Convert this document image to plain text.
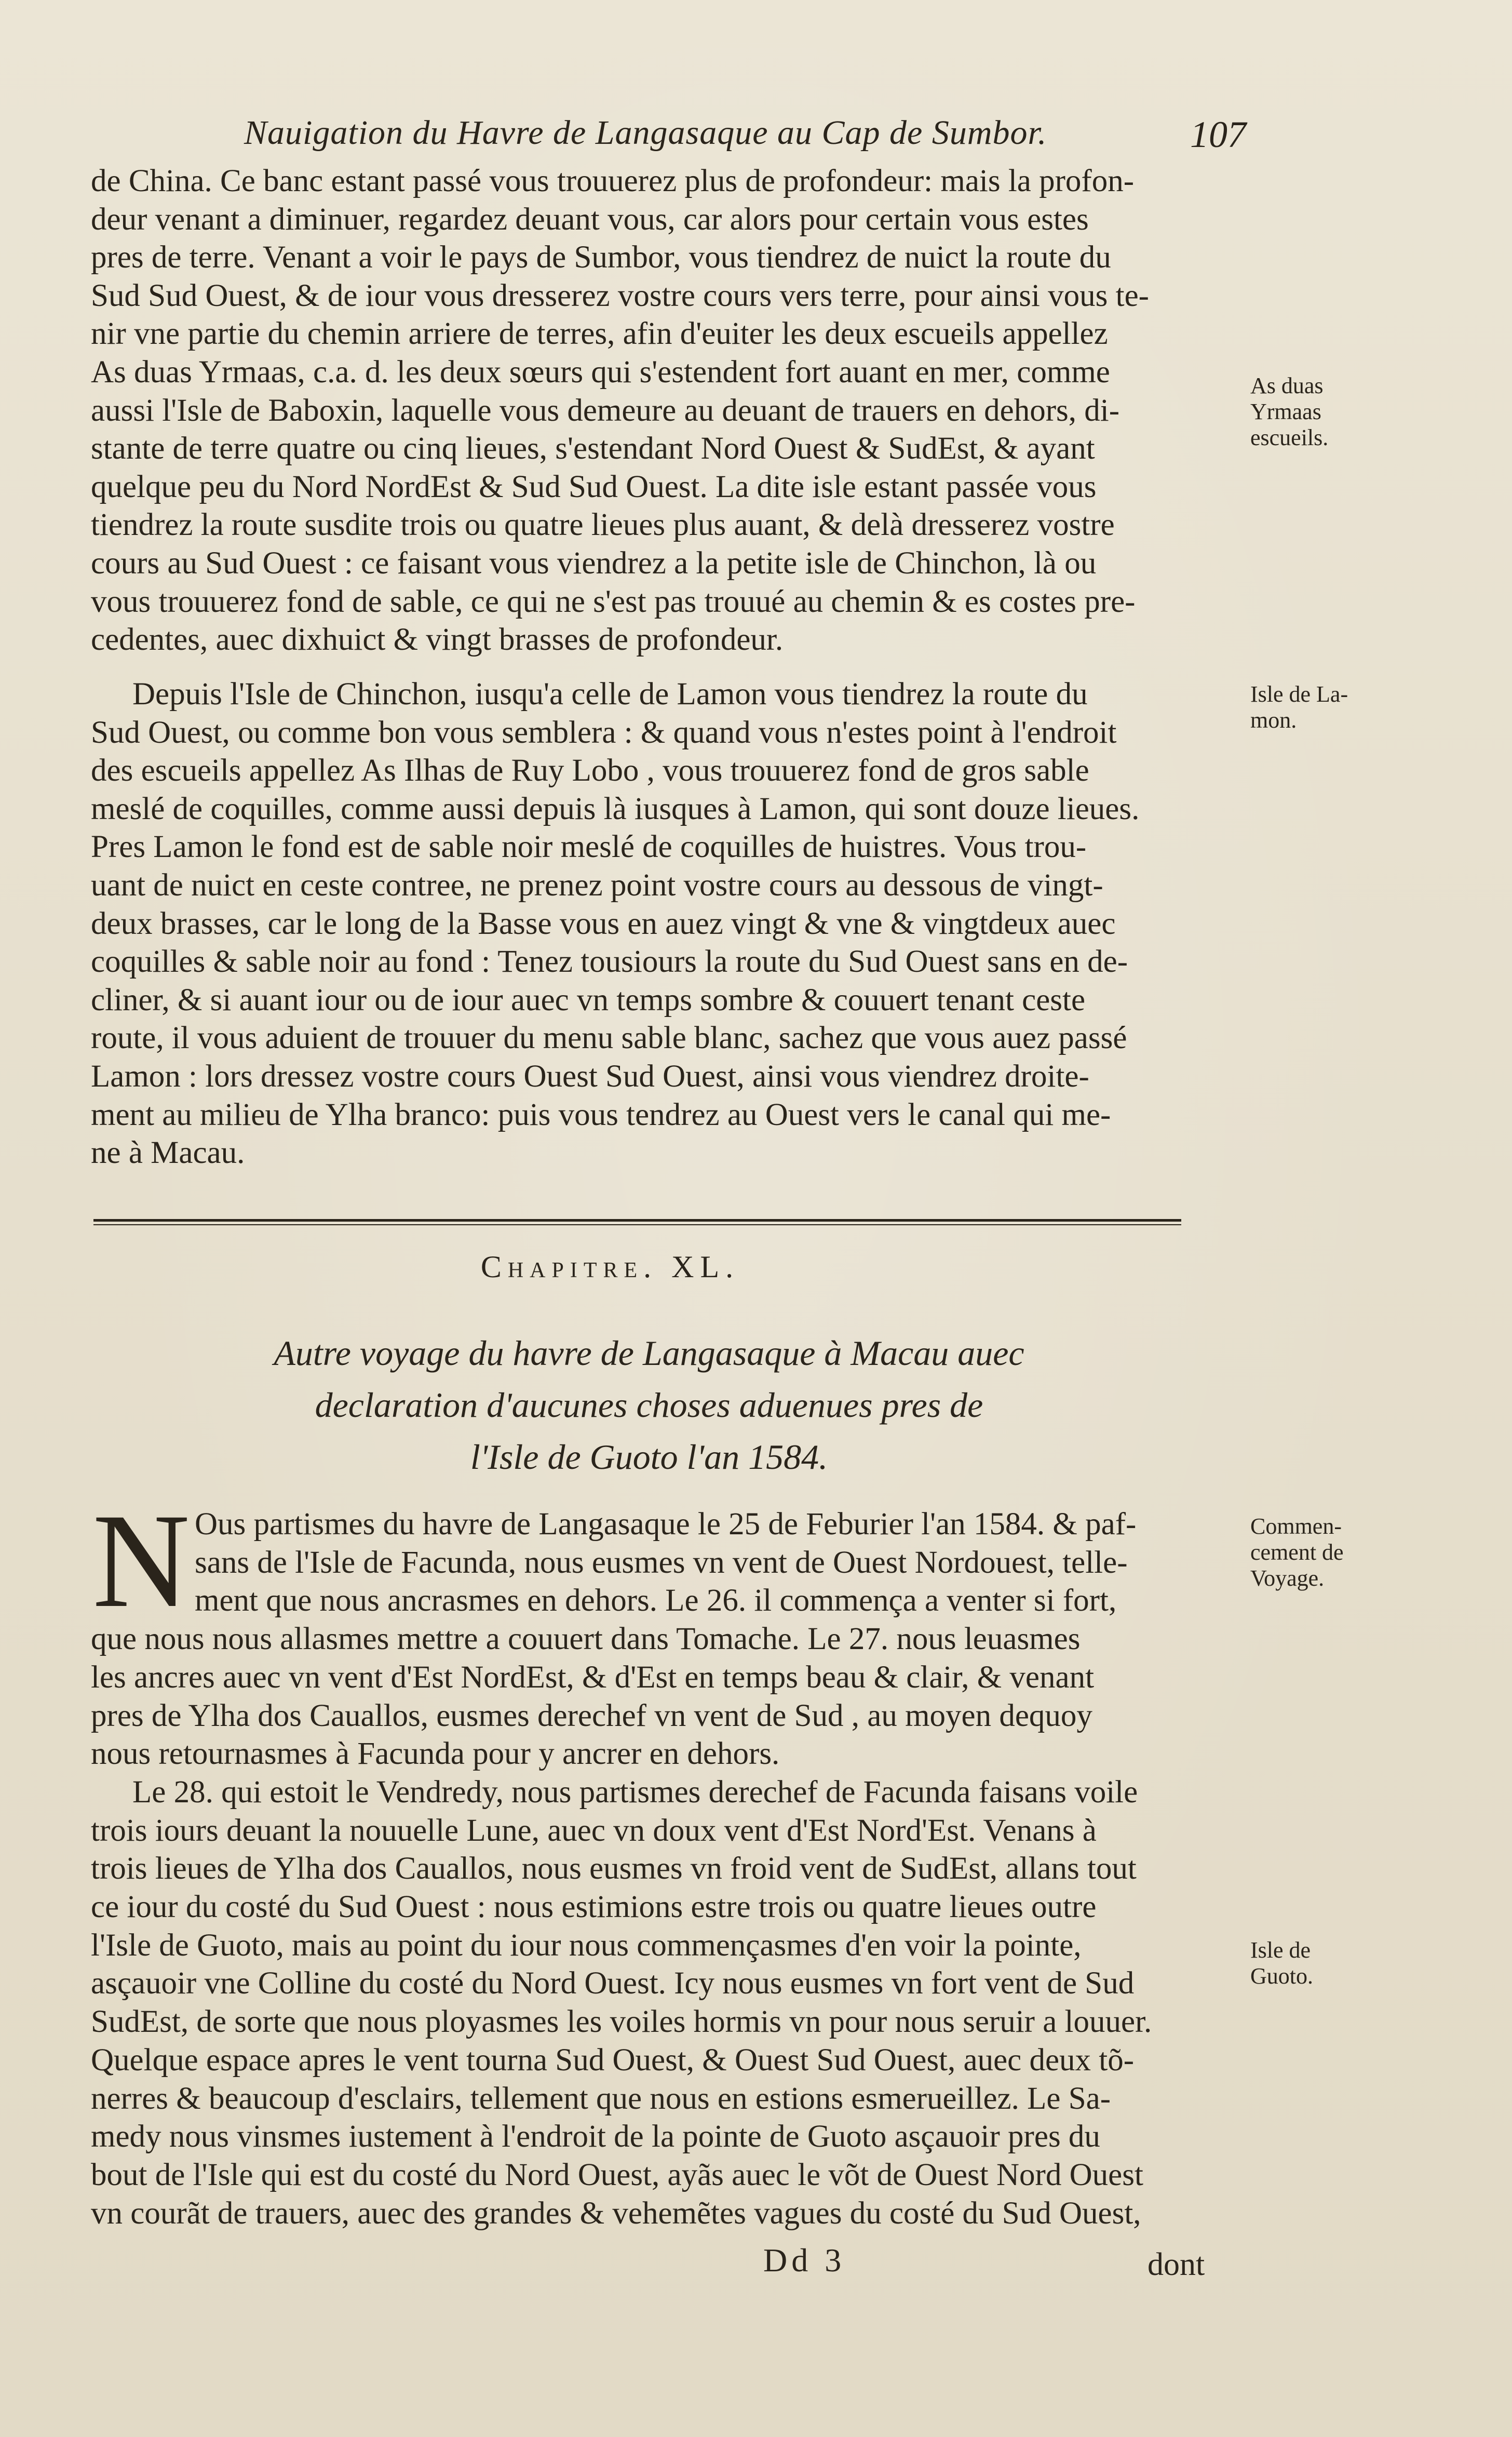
Nauigation du Havre de Langasaque au Cap de Sumbor.	107
de China. Ce banc estant passé vous trouuerez plus de profondeur: mais la profon-
deur venant a diminuer, regardez deuant vous, car alors pour certain vous estes
pres de terre. Venant a voir le pays de Sumbor, vous tiendrez de nuict la route du
Sud Sud Ouest, & de iour vous dresserez vostre cours vers terre, pour ainsi vous te-
nir vne partie du chemin arriere de terres, afin d'euiter les deux escueils appellez
As duas Yrmaas, c.a. d. les deux sœurs qui s'estendent fort auant en mer, comme
aussi l'Isle de Baboxin, laquelle vous demeure au deuant de trauers en dehors, di-
stante de terre quatre ou cinq lieues, s'estendant Nord Ouest & SudEst, & ayant
quelque peu du Nord NordEst & Sud Sud Ouest. La dite isle estant passée vous
tiendrez la route susdite trois ou quatre lieues plus auant, & delà dresserez vostre
cours au Sud Ouest : ce faisant vous viendrez a la petite isle de Chinchon, là ou
vous trouuerez fond de sable, ce qui ne s'est pas trouué au chemin & es costes pre-
cedentes, auec dixhuict & vingt brasses de profondeur.
Depuis l'Isle de Chinchon, iusqu'a celle de Lamon vous tiendrez la route du
Sud Ouest, ou comme bon vous semblera : & quand vous n'estes point à l'endroit
des escueils appellez As Ilhas de Ruy Lobo , vous trouuerez fond de gros sable
meslé de coquilles, comme aussi depuis là iusques à Lamon, qui sont douze lieues.
Pres Lamon le fond est de sable noir meslé de coquilles de huistres. Vous trou-
uant de nuict en ceste contree, ne prenez point vostre cours au dessous de vingt-
deux brasses, car le long de la Basse vous en auez vingt & vne & vingtdeux auec
coquilles & sable noir au fond : Tenez tousiours la route du Sud Ouest sans en de-
cliner, & si auant iour ou de iour auec vn temps sombre & couuert tenant ceste
route, il vous aduient de trouuer du menu sable blanc, sachez que vous auez passé
Lamon : lors dressez vostre cours Ouest Sud Ouest, ainsi vous viendrez droite-
ment au milieu de Ylha branco: puis vous tendrez au Ouest vers le canal qui me-
ne à Macau.
Chapitre. XL.
Autre voyage du havre de Langasaque à Macau auec
declaration d'aucunes choses aduenues pres de
l'Isle de Guoto l'an 1584.
N Ous partismes du havre de Langasaque le 25 de Feburier l'an 1584. & paf-
sans de l'Isle de Facunda, nous eusmes vn vent de Ouest Nordouest, telle-
ment que nous ancrasmes en dehors. Le 26. il commença a venter si fort,
que nous nous allasmes mettre a couuert dans Tomache. Le 27. nous leuasmes
les ancres auec vn vent d'Est NordEst, & d'Est en temps beau & clair, & venant
pres de Ylha dos Cauallos, eusmes derechef vn vent de Sud , au moyen dequoy
nous retournasmes à Facunda pour y ancrer en dehors.
Le 28. qui estoit le Vendredy, nous partismes derechef de Facunda faisans voile
trois iours deuant la nouuelle Lune, auec vn doux vent d'Est Nord'Est. Venans à
trois lieues de Ylha dos Cauallos, nous eusmes vn froid vent de SudEst, allans tout
ce iour du costé du Sud Ouest : nous estimions estre trois ou quatre lieues outre
l'Isle de Guoto, mais au point du iour nous commençasmes d'en voir la pointe,
asçauoir vne Colline du costé du Nord Ouest. Icy nous eusmes vn fort vent de Sud
SudEst, de sorte que nous ployasmes les voiles hormis vn pour nous seruir a louuer.
Quelque espace apres le vent tourna Sud Ouest, & Ouest Sud Ouest, auec deux tõ-
nerres & beaucoup d'esclairs, tellement que nous en estions esmerueillez. Le Sa-
medy nous vinsmes iustement à l'endroit de la pointe de Guoto asçauoir pres du
bout de l'Isle qui est du costé du Nord Ouest, ayãs auec le võt de Ouest Nord Ouest
vn courãt de trauers, auec des grandes & vehemẽtes vagues du costé du Sud Ouest,
As duas
Yrmaas
escueils.
Isle de La-
mon.
Commen-
cement de
Voyage.
Isle de
Guoto.
Dd 3	dont
